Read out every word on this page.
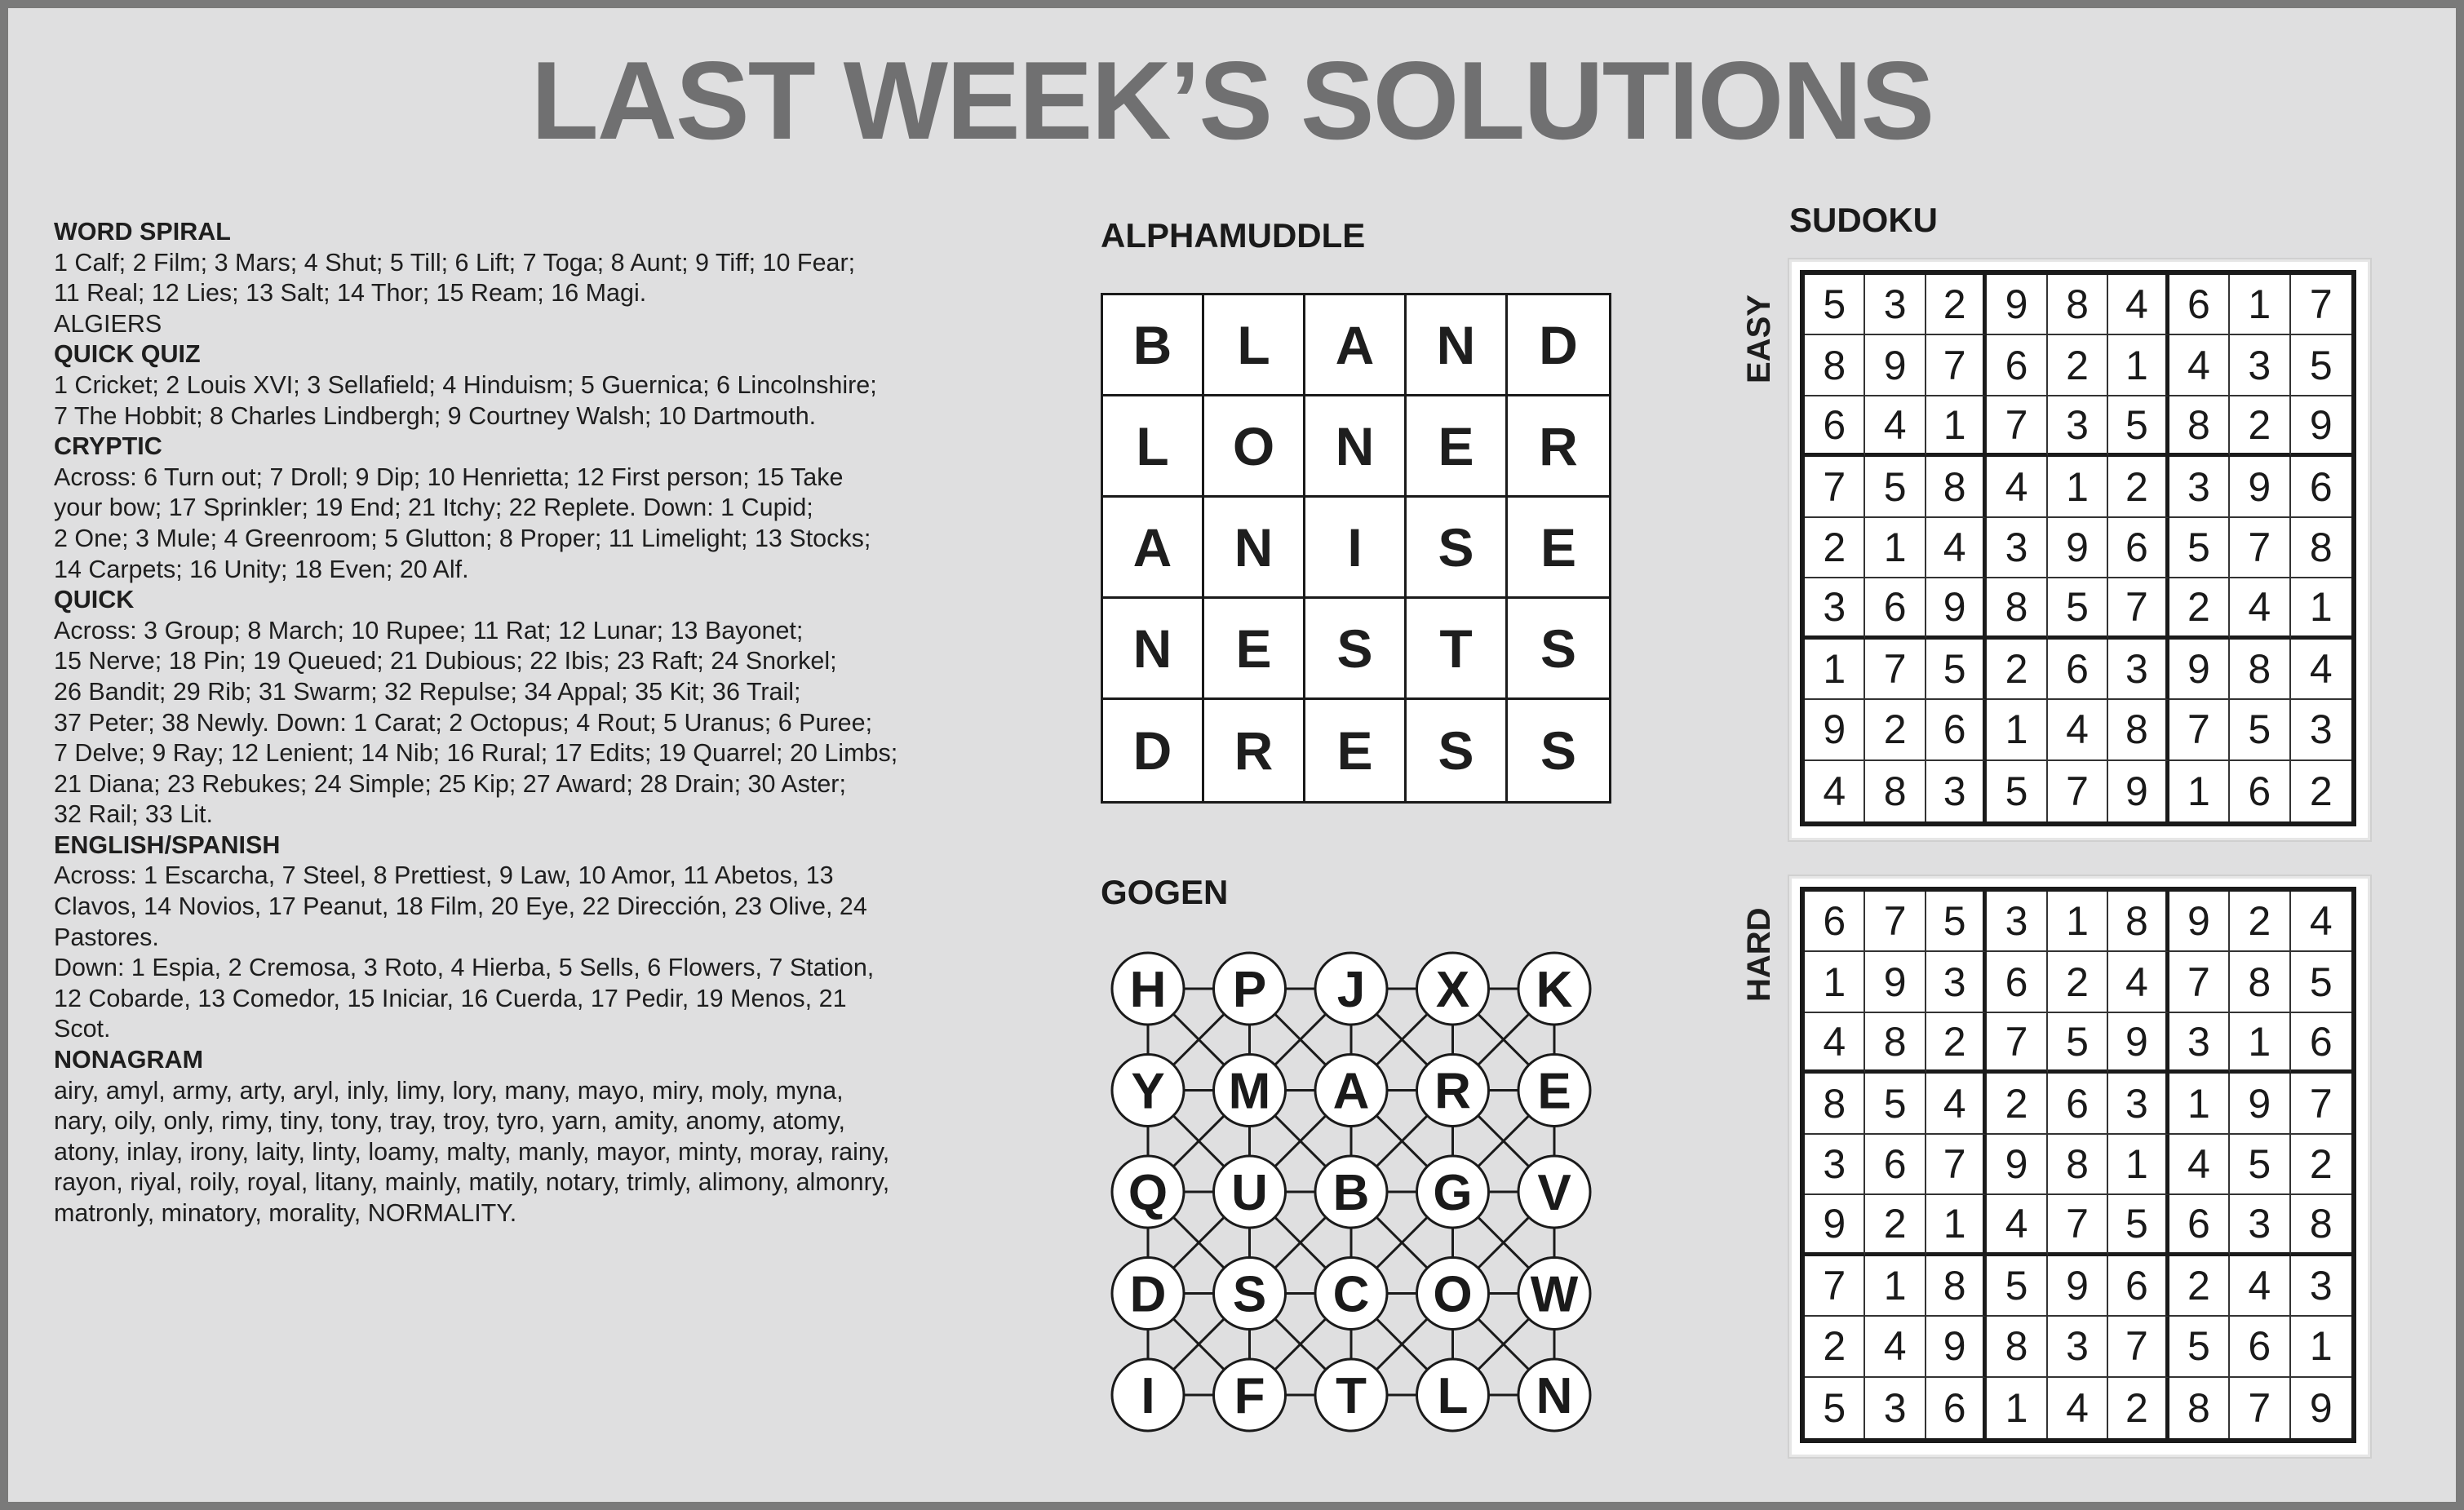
LAST WEEK’S SOLUTIONS
WORD SPIRAL
1 Calf; 2 Film; 3 Mars; 4 Shut; 5 Till; 6 Lift; 7 Toga; 8 Aunt; 9 Tiff; 10 Fear;
11 Real; 12 Lies; 13 Salt; 14 Thor; 15 Ream; 16 Magi.
ALGIERS
QUICK QUIZ
1 Cricket; 2 Louis XVI; 3 Sellafield; 4 Hinduism; 5 Guernica; 6 Lincolnshire;
7 The Hobbit; 8 Charles Lindbergh; 9 Courtney Walsh; 10 Dartmouth.
CRYPTIC
Across: 6 Turn out; 7 Droll; 9 Dip; 10 Henrietta; 12 First person; 15 Take
your bow; 17 Sprinkler; 19 End; 21 Itchy; 22 Replete. Down: 1 Cupid;
2 One; 3 Mule; 4 Greenroom; 5 Glutton; 8 Proper; 11 Limelight; 13 Stocks;
14 Carpets; 16 Unity; 18 Even; 20 Alf.
QUICK
Across: 3 Group; 8 March; 10 Rupee; 11 Rat; 12 Lunar; 13 Bayonet;
15 Nerve; 18 Pin; 19 Queued; 21 Dubious; 22 Ibis; 23 Raft; 24 Snorkel;
26 Bandit; 29 Rib; 31 Swarm; 32 Repulse; 34 Appal; 35 Kit; 36 Trail;
37 Peter; 38 Newly. Down: 1 Carat; 2 Octopus; 4 Rout; 5 Uranus; 6 Puree;
7 Delve; 9 Ray; 12 Lenient; 14 Nib; 16 Rural; 17 Edits; 19 Quarrel; 20 Limbs;
21 Diana; 23 Rebukes; 24 Simple; 25 Kip; 27 Award; 28 Drain; 30 Aster;
32 Rail; 33 Lit.
ENGLISH/SPANISH
Across: 1 Escarcha, 7 Steel, 8 Prettiest, 9 Law, 10 Amor, 11 Abetos, 13
Clavos, 14 Novios, 17 Peanut, 18 Film, 20 Eye, 22 Dirección, 23 Olive, 24
Pastores.
Down: 1 Espia, 2 Cremosa, 3 Roto, 4 Hierba, 5 Sells, 6 Flowers, 7 Station,
12 Cobarde, 13 Comedor, 15 Iniciar, 16 Cuerda, 17 Pedir, 19 Menos, 21
Scot.
NONAGRAM
airy, amyl, army, arty, aryl, inly, limy, lory, many, mayo, miry, moly, myna,
nary, oily, only, rimy, tiny, tony, tray, troy, tyro, yarn, amity, anomy, atomy,
atony, inlay, irony, laity, linty, loamy, malty, manly, mayor, minty, moray, rainy,
rayon, riyal, roily, royal, litany, mainly, matily, notary, trimly, alimony, almonry,
matronly, minatory, morality, NORMALITY.
ALPHAMUDDLE
B	L	A	N	D
L	O	N	E	R
A	N	I	S	E
N	E	S	T	S
D	R	E	S	S
GOGEN
H P J X K
Y M A R E
Q U B G V
D S C O W
I F T L N
SUDOKU
EASY	5 3 2 9 8 4 6 1 7
8 9 7 6 2 1 4 3 5
6 4 1 7 3 5 8 2 9
7 5 8 4 1 2 3 9 6
2 1 4 3 9 6 5 7 8
3 6 9 8 5 7 2 4 1
1 7 5 2 6 3 9 8 4
9 2 6 1 4 8 7 5 3
4 8 3 5 7 9 1 6 2
HARD	6 7 5 3 1 8 9 2 4
1 9 3 6 2 4 7 8 5
4 8 2 7 5 9 3 1 6
8 5 4 2 6 3 1 9 7
3 6 7 9 8 1 4 5 2
9 2 1 4 7 5 6 3 8
7 1 8 5 9 6 2 4 3
2 4 9 8 3 7 5 6 1
5 3 6 1 4 2 8 7 9
